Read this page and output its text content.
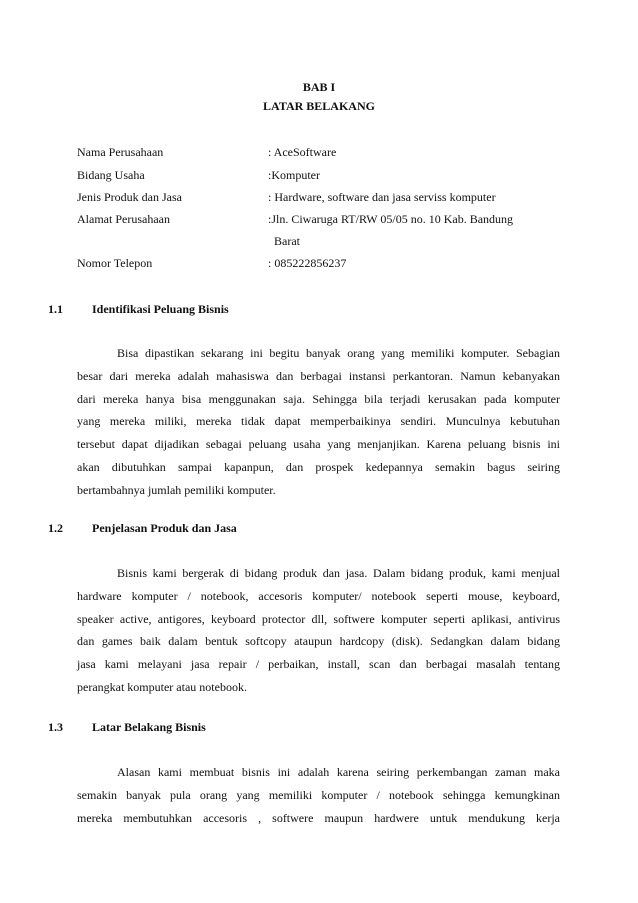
BAB I

LATAR BELAKANG

Nama Perusahaan	: AceSoftware
Bidang Usaha	:Komputer
Jenis Produk dan Jasa	: Hardware, software dan jasa serviss komputer
Alamat Perusahaan	:Jln. Ciwaruga RT/RW 05/05 no. 10 Kab. Bandung
Barat
Nomor Telepon	: 085222856237
1.1 Identifikasi Peluang Bisnis
Bisa dipastikan sekarang ini begitu banyak orang yang memiliki komputer. Sebagian
besar dari mereka adalah mahasiswa dan berbagai instansi perkantoran. Namun kebanyakan
dari mereka hanya bisa menggunakan saja. Sehingga bila terjadi kerusakan pada komputer
yang mereka miliki, mereka tidak dapat memperbaikinya sendiri. Munculnya kebutuhan
tersebut dapat dijadikan sebagai peluang usaha yang menjanjikan. Karena peluang bisnis ini
akan dibutuhkan sampai kapanpun, dan prospek kedepannya semakin bagus seiring
bertambahnya jumlah pemiliki komputer.
1.2 Penjelasan Produk dan Jasa
Bisnis kami bergerak di bidang produk dan jasa. Dalam bidang produk, kami menjual
hardware komputer / notebook, accesoris komputer/ notebook seperti mouse, keyboard,
speaker active, antigores, keyboard protector dll, softwere komputer seperti aplikasi, antivirus
dan games baik dalam bentuk softcopy ataupun hardcopy (disk). Sedangkan dalam bidang
jasa kami melayani jasa repair / perbaikan, install, scan dan berbagai masalah tentang
perangkat komputer atau notebook.
1.3 Latar Belakang Bisnis
Alasan kami membuat bisnis ini adalah karena seiring perkembangan zaman maka
semakin banyak pula orang yang memiliki komputer / notebook sehingga kemungkinan
mereka membutuhkan accesoris , softwere maupun hardwere untuk mendukung kerja
